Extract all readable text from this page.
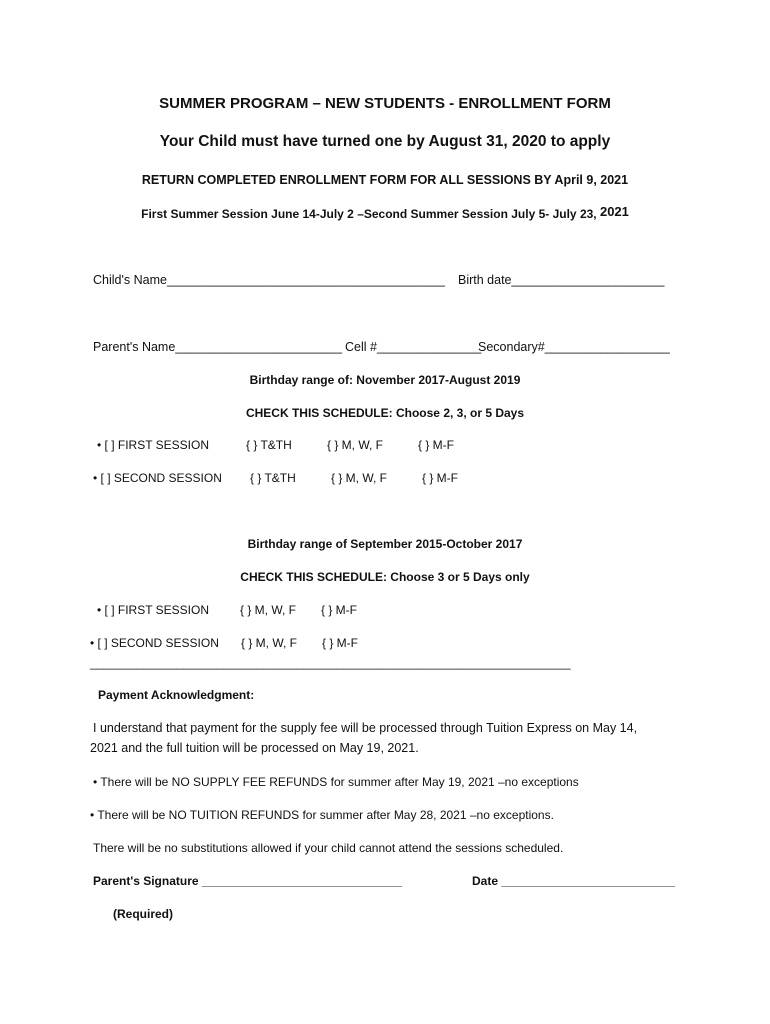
SUMMER PROGRAM – NEW STUDENTS - ENROLLMENT FORM
Your Child must have turned one by August 31, 2020 to apply
RETURN COMPLETED ENROLLMENT FORM FOR ALL SESSIONS BY April 9, 2021
First Summer Session June 14-July 2 –Second Summer Session July 5- July 23, 2021
Child's Name________________________________________ Birth date______________________
Parent's Name________________________ Cell #_______________
Secondary#__________________
Birthday range of: November 2017-August 2019
CHECK THIS SCHEDULE: Choose 2, 3, or 5 Days
• [ ] FIRST SESSION	{ } T&TH	{ } M, W, F	{ } M-F
• [ ] SECOND SESSION { } T&TH	{ } M, W, F	{ } M-F
Birthday range of September 2015-October 2017
CHECK THIS SCHEDULE: Choose 3 or 5 Days only
• [ ] FIRST SESSION	{ } M, W, F { } M-F
• [ ] SECOND SESSION { } M, W, F { } M-F
________________________________________________________________________
Payment Acknowledgment:
I understand that payment for the supply fee will be processed through Tuition Express on May 14,
2021 and the full tuition will be processed on May 19, 2021.
• There will be NO SUPPLY FEE REFUNDS for summer after May 19, 2021 –no exceptions
• There will be NO TUITION REFUNDS for summer after May 28, 2021 –no exceptions.
There will be no substitutions allowed if your child cannot attend the sessions scheduled.
Parent's Signature ______________________________	Date __________________________
(Required)
